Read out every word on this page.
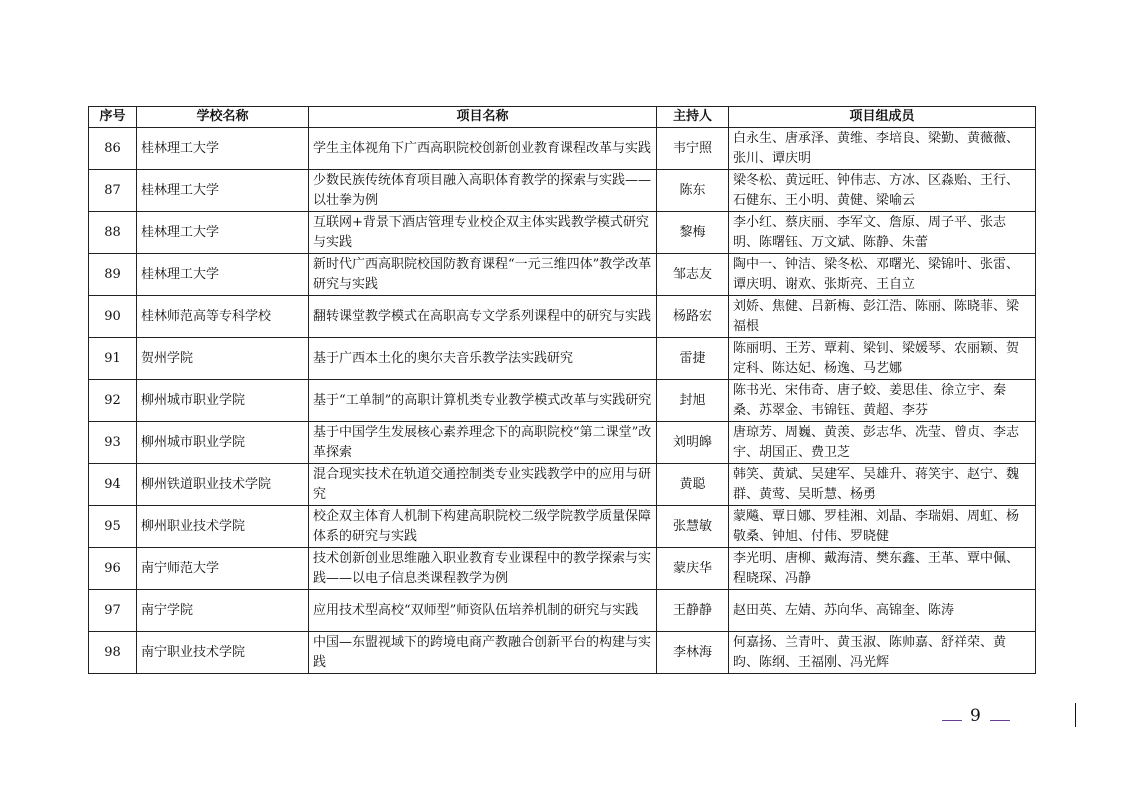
序号	学校名称	项目名称	主持人	项目组成员
86	桂林理工大学	学生主体视角下广西高职院校创新创业教育课程改革与实践	韦宁照	白永生、唐承泽、黄维、李培良、梁勤、黄薇薇、张川、谭庆明
87	桂林理工大学	少数民族传统体育项目融入高职体育教学的探索与实践——以壮拳为例	陈东	梁冬松、黄远旺、钟伟志、方冰、区淼贻、王行、石健东、王小明、黄健、梁喻云
88	桂林理工大学	互联网+背景下酒店管理专业校企双主体实践教学模式研究与实践	黎梅	李小红、蔡庆丽、李军文、詹原、周子平、张志明、陈曙钰、万文斌、陈静、朱蕾
89	桂林理工大学	新时代广西高职院校国防教育课程“一元三维四体”教学改革研究与实践	邹志友	陶中一、钟洁、梁冬松、邓曙光、梁锦叶、张雷、谭庆明、谢欢、张斯亮、王自立
90	桂林师范高等专科学校	翻转课堂教学模式在高职高专文学系列课程中的研究与实践	杨路宏	刘娇、焦健、吕新梅、彭江浩、陈丽、陈晓菲、梁福根
91	贺州学院	基于广西本土化的奥尔夫音乐教学法实践研究	雷捷	陈丽明、王芳、覃莉、梁钊、梁媛琴、农丽颖、贺定科、陈达妃、杨逸、马艺娜
92	柳州城市职业学院	基于“工单制”的高职计算机类专业教学模式改革与实践研究	封旭	陈书光、宋伟奇、唐子蛟、姜思佳、徐立宇、秦桑、苏翠金、韦锦钰、黄超、李芬
93	柳州城市职业学院	基于中国学生发展核心素养理念下的高职院校“第二课堂”改革探索	刘明皞	唐琼芳、周巍、黄羡、彭志华、冼莹、曾贞、李志宇、胡国正、费卫芝
94	柳州铁道职业技术学院	混合现实技术在轨道交通控制类专业实践教学中的应用与研究	黄聪	韩笑、黄斌、吴建军、吴雄升、蒋笑宇、赵宁、魏群、黄莺、吴昕慧、杨勇
95	柳州职业技术学院	校企双主体育人机制下构建高职院校二级学院教学质量保障体系的研究与实践	张慧敏	蒙飚、覃日娜、罗桂湘、刘晶、李瑞娟、周虹、杨敬桑、钟旭、付伟、罗晓健
96	南宁师范大学	技术创新创业思维融入职业教育专业课程中的教学探索与实践——以电子信息类课程教学为例	蒙庆华	李光明、唐柳、戴海清、樊东鑫、王革、覃中佩、程晓琛、冯静
97	南宁学院	应用技术型高校“双师型”师资队伍培养机制的研究与实践	王静静	赵田英、左婧、苏向华、高锦奎、陈涛
98	南宁职业技术学院	中国—东盟视域下的跨境电商产教融合创新平台的构建与实践	李林海	何嘉扬、兰青叶、黄玉淑、陈帅嘉、舒祥荣、黄昀、陈纲、王福刚、冯光辉
9
